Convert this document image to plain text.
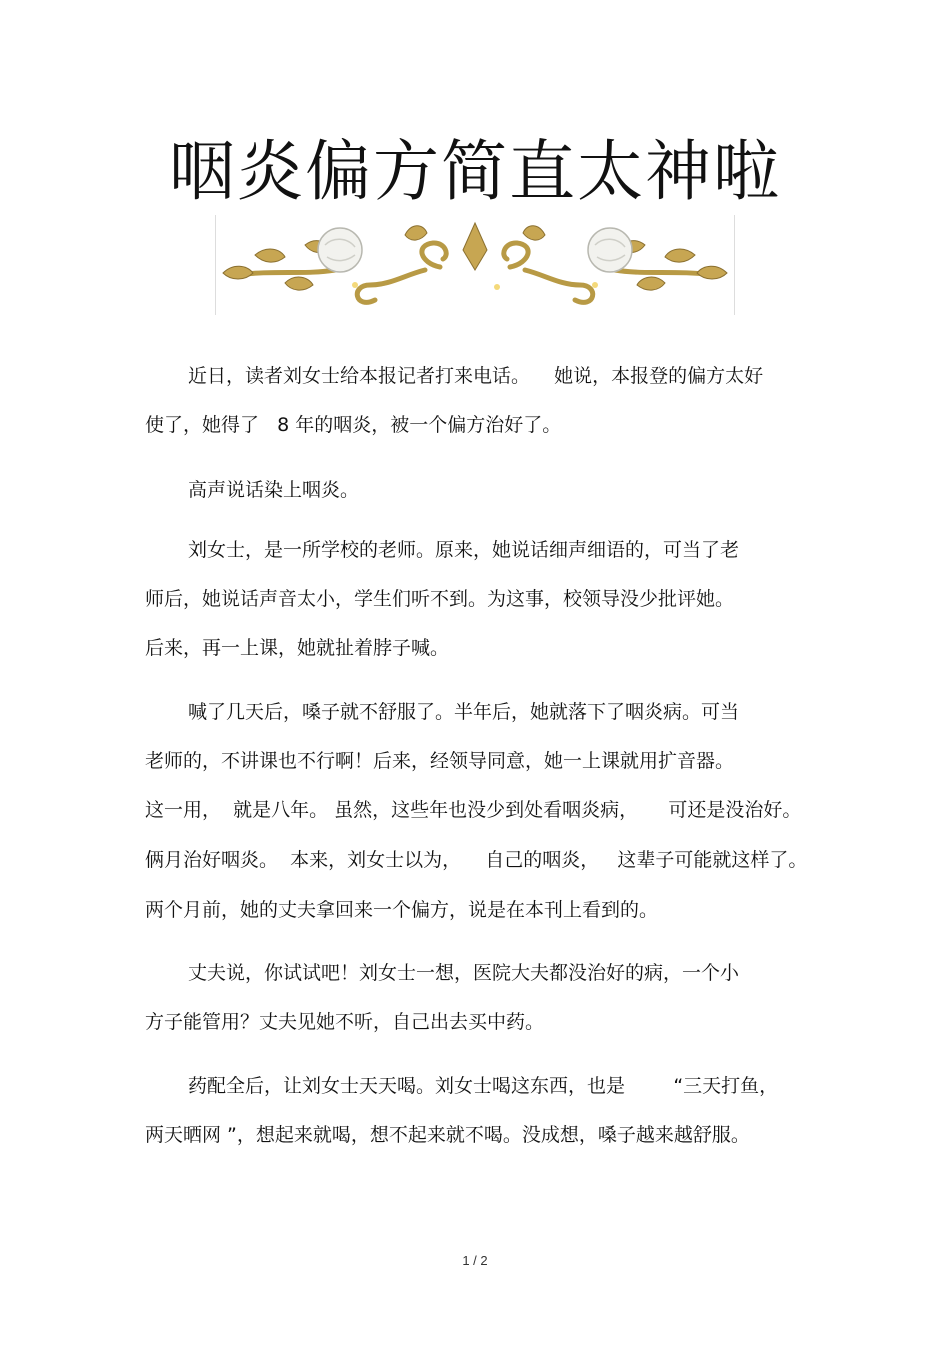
咽炎偏方简直太神啦
近日，读者刘女士给本报记者打来电话。    她说，本报登的偏方太好
使了，她得了   8 年的咽炎，被一个偏方治好了。
高声说话染上咽炎。
刘女士，是一所学校的老师。原来，她说话细声细语的，可当了老
师后，她说话声音太小，学生们听不到。为这事，校领导没少批评她。
后来，再一上课，她就扯着脖子喊。
喊了几天后，嗓子就不舒服了。半年后，她就落下了咽炎病。可当
老师的，不讲课也不行啊！后来，经领导同意，她一上课就用扩音器。
这一用，  就是八年。 虽然，这些年也没少到处看咽炎病，     可还是没治好。
俩月治好咽炎。  本来，刘女士以为，    自己的咽炎，   这辈子可能就这样了。
两个月前，她的丈夫拿回来一个偏方，说是在本刊上看到的。
丈夫说，你试试吧！刘女士一想，医院大夫都没治好的病，一个小
方子能管用？丈夫见她不听，自己出去买中药。
药配全后，让刘女士天天喝。刘女士喝这东西，也是        “三天打鱼，
两天晒网 ”，想起来就喝，想不起来就不喝。没成想，嗓子越来越舒服。
1 / 2
